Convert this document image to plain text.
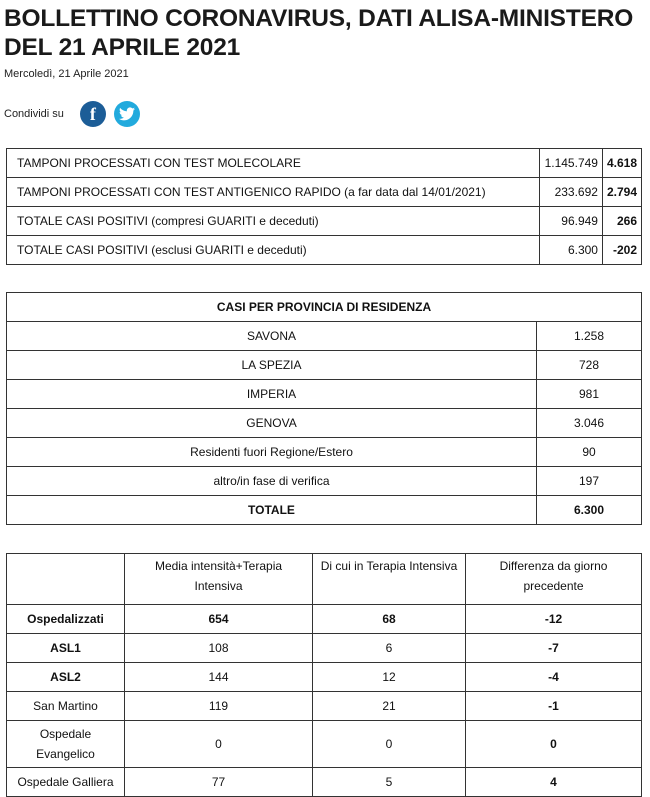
BOLLETTINO CORONAVIRUS, DATI ALISA-MINISTERO DEL 21 APRILE 2021
Mercoledì, 21 Aprile 2021
Condividi su	f
TAMPONI PROCESSATI CON TEST MOLECOLARE	1.145.749	4.618
TAMPONI PROCESSATI CON TEST ANTIGENICO RAPIDO (a far data dal 14/01/2021)	233.692	2.794
TOTALE CASI POSITIVI (compresi GUARITI e deceduti)	96.949	266
TOTALE CASI POSITIVI (esclusi GUARITI e deceduti)	6.300	-202
CASI PER PROVINCIA DI RESIDENZA	
SAVONA	1.258
LA SPEZIA	728
IMPERIA	981
GENOVA	3.046
Residenti fuori Regione/Estero	90
altro/in fase di verifica	197
TOTALE	6.300
	Media intensità+Terapia Intensiva	Di cui in Terapia Intensiva	Differenza da giorno precedente
Ospedalizzati	654	68	-12
ASL1	108	6	-7
ASL2	144	12	-4
San Martino	119	21	-1
Ospedale Evangelico	0	0	0
Ospedale Galliera	77	5	4
